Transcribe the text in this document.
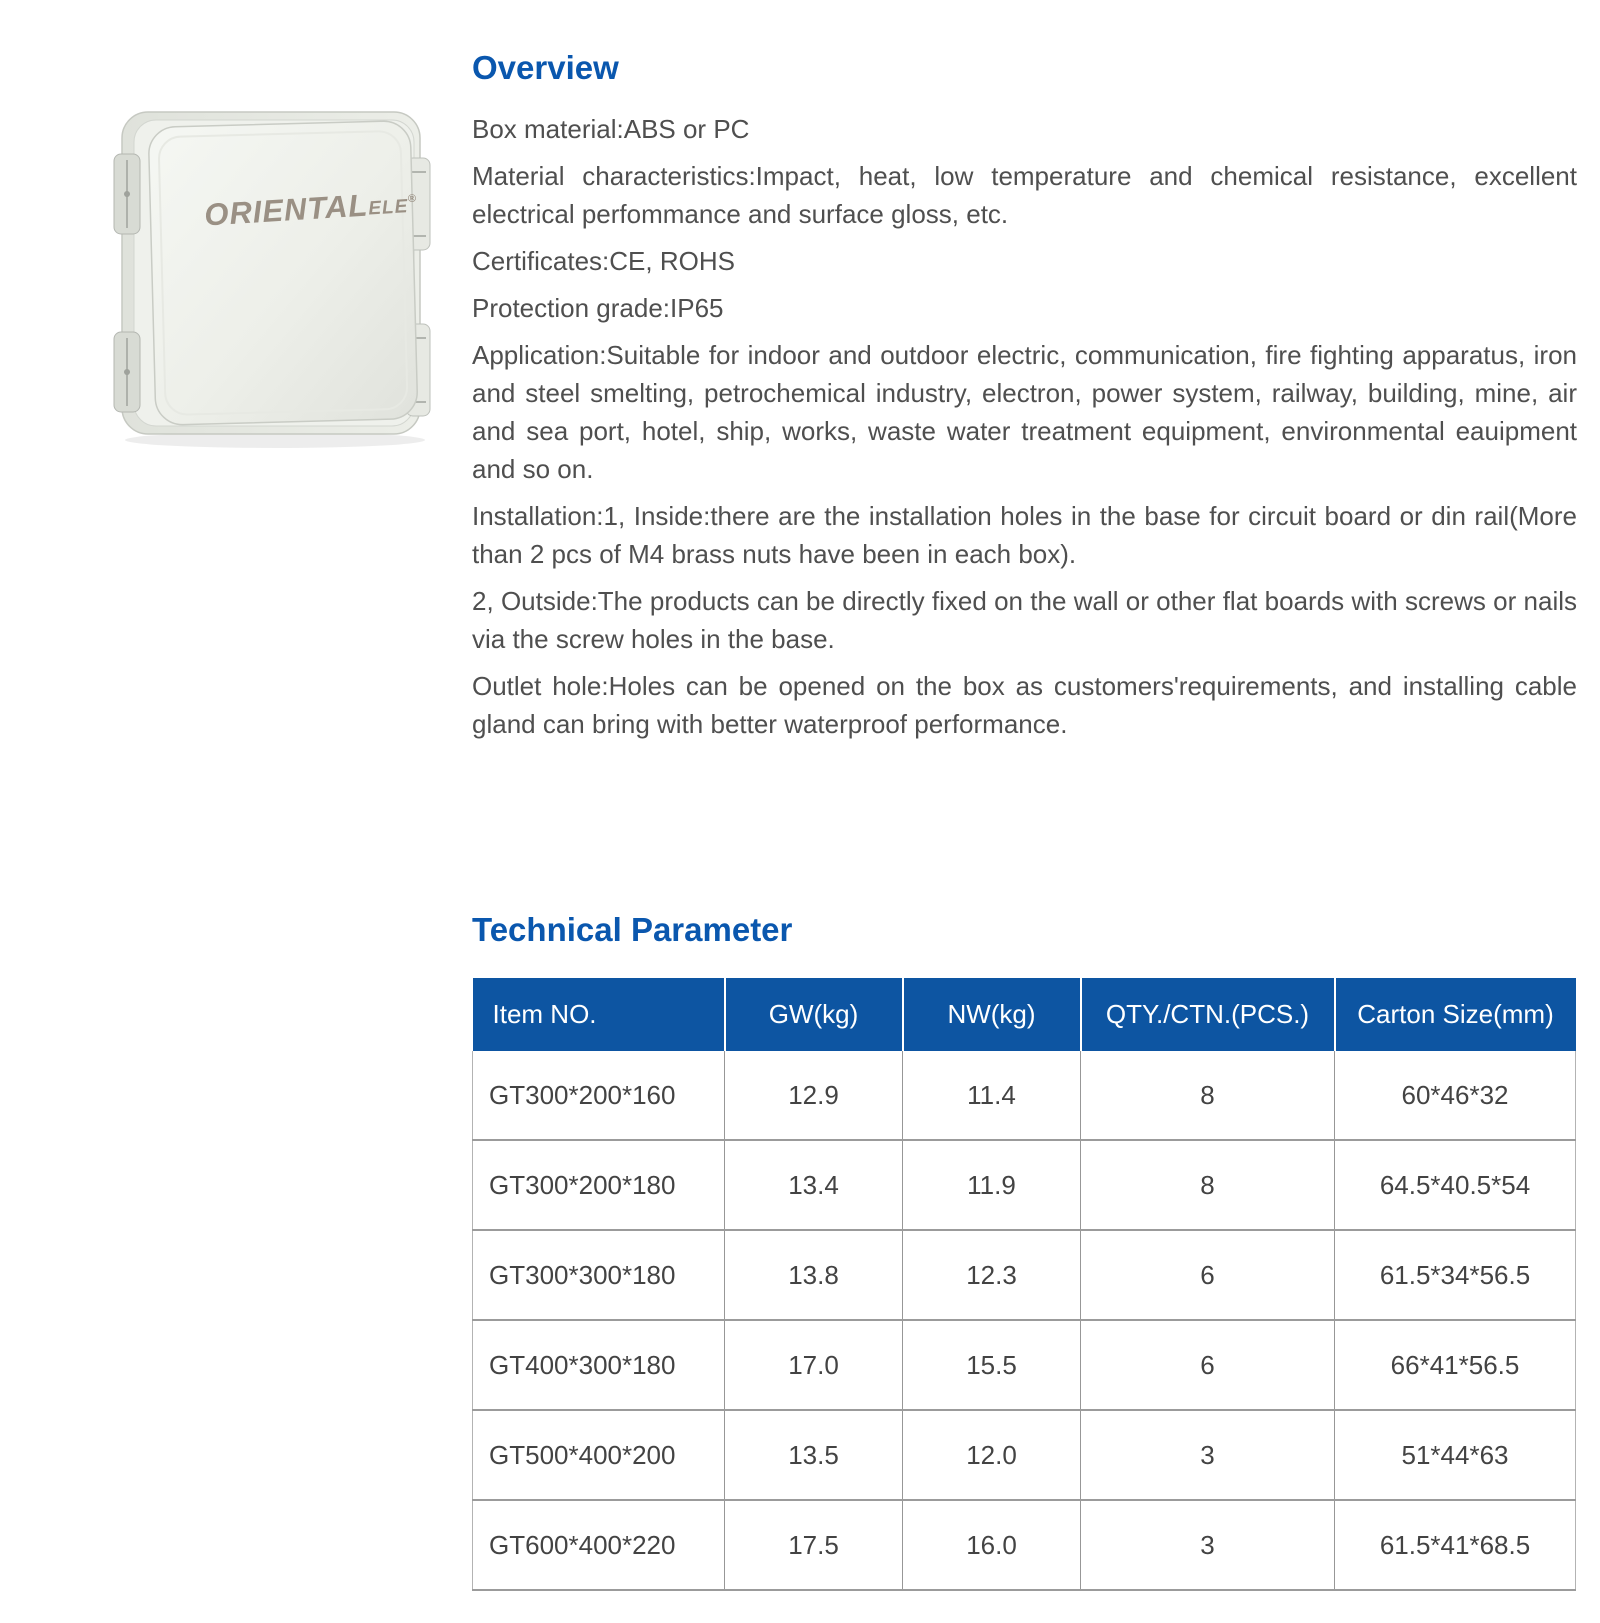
ORIENTALELE®
Overview

Box material:ABS or PC

Material characteristics:Impact, heat, low temperature and chemical resistance, excellent electrical perfommance and surface gloss, etc.

Certificates:CE, ROHS

Protection grade:IP65

Application:Suitable for indoor and outdoor electric, communication, fire fighting apparatus, iron and steel smelting, petrochemical industry, electron, power system, railway, building, mine, air and sea port, hotel, ship, works, waste water treatment equipment, environmental eauipment and so on.

Installation:1, Inside:there are the installation holes in the base for circuit board or din rail(More than 2 pcs of M4 brass nuts have been in each box).

2, Outside:The products can be directly fixed on the wall or other flat boards with screws or nails via the screw holes in the base.

Outlet hole:Holes can be opened on the box as customers'requirements, and installing cable gland can bring with better waterproof performance.

Technical Parameter
Item NO.	GW(kg)	NW(kg)	QTY./CTN.(PCS.)	Carton Size(mm)
GT300*200*160	12.9	11.4	8	60*46*32
GT300*200*180	13.4	11.9	8	64.5*40.5*54
GT300*300*180	13.8	12.3	6	61.5*34*56.5
GT400*300*180	17.0	15.5	6	66*41*56.5
GT500*400*200	13.5	12.0	3	51*44*63
GT600*400*220	17.5	16.0	3	61.5*41*68.5
